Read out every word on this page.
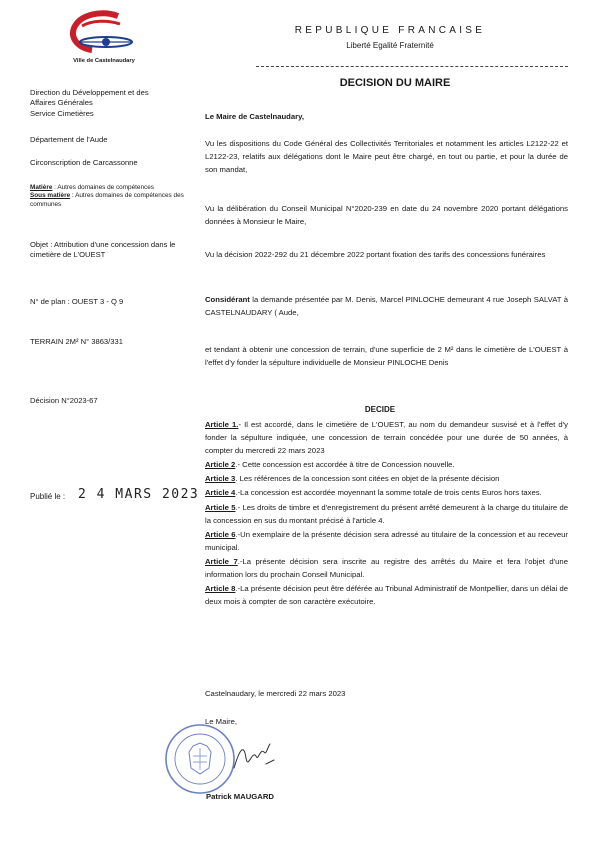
Ville de Castelnaudary
REPUBLIQUE FRANCAISE
Liberté Egalité Fraternité
DECISION DU MAIRE
Direction du Développement et des
Affaires Générales
Service Cimetières
Département de l'Aude
Circonscription de Carcassonne
Matière : Autres domaines de compétences
Sous matière : Autres domaines de compétences des communes
Objet : Attribution d'une concession dans le cimetière de L'OUEST
N° de plan : OUEST 3 - Q 9
TERRAIN 2M² N° 3863/331
Décision N°2023-67
Publié le : 2 4 MARS 2023
Le Maire de Castelnaudary,
Vu les dispositions du Code Général des Collectivités Territoriales et notamment les articles L2122-22 et L2122-23, relatifs aux délégations dont le Maire peut être chargé, en tout ou partie, et pour la durée de son mandat,
Vu la délibération du Conseil Municipal N°2020-239 en date du 24 novembre 2020 portant délégations données à Monsieur le Maire,
Vu la décision 2022-292 du 21 décembre 2022 portant fixation des tarifs des concessions funéraires
Considérant la demande présentée par M. Denis, Marcel PINLOCHE demeurant 4 rue Joseph SALVAT à CASTELNAUDARY ( Aude,
et tendant à obtenir une concession de terrain, d'une superficie de 2 M² dans le cimetière de L'OUEST à l'effet d'y fonder la sépulture individuelle de Monsieur PINLOCHE Denis
DECIDE
Article 1.- Il est accordé, dans le cimetière de L'OUEST, au nom du demandeur susvisé et à l'effet d'y fonder la sépulture indiquée, une concession de terrain concédée pour une durée de 50 années, à compter du mercredi 22 mars 2023
Article 2.- Cette concession est accordée à titre de Concession nouvelle.
Article 3. Les références de la concession sont citées en objet de la présente décision
Article 4.-La concession est accordée moyennant la somme totale de trois cents Euros hors taxes.
Article 5.- Les droits de timbre et d'enregistrement du présent arrêté demeurent à la charge du titulaire de la concession en sus du montant précisé à l'article 4.
Article 6.-Un exemplaire de la présente décision sera adressé au titulaire de la concession et au receveur municipal.
Article 7.-La présente décision sera inscrite au registre des arrêtés du Maire et fera l'objet d'une information lors du prochain Conseil Municipal.
Article 8.-La présente décision peut être déférée au Tribunal Administratif de Montpellier, dans un délai de deux mois à compter de son caractère exécutoire.
Castelnaudary, le mercredi 22 mars 2023
Le Maire,
Patrick MAUGARD
